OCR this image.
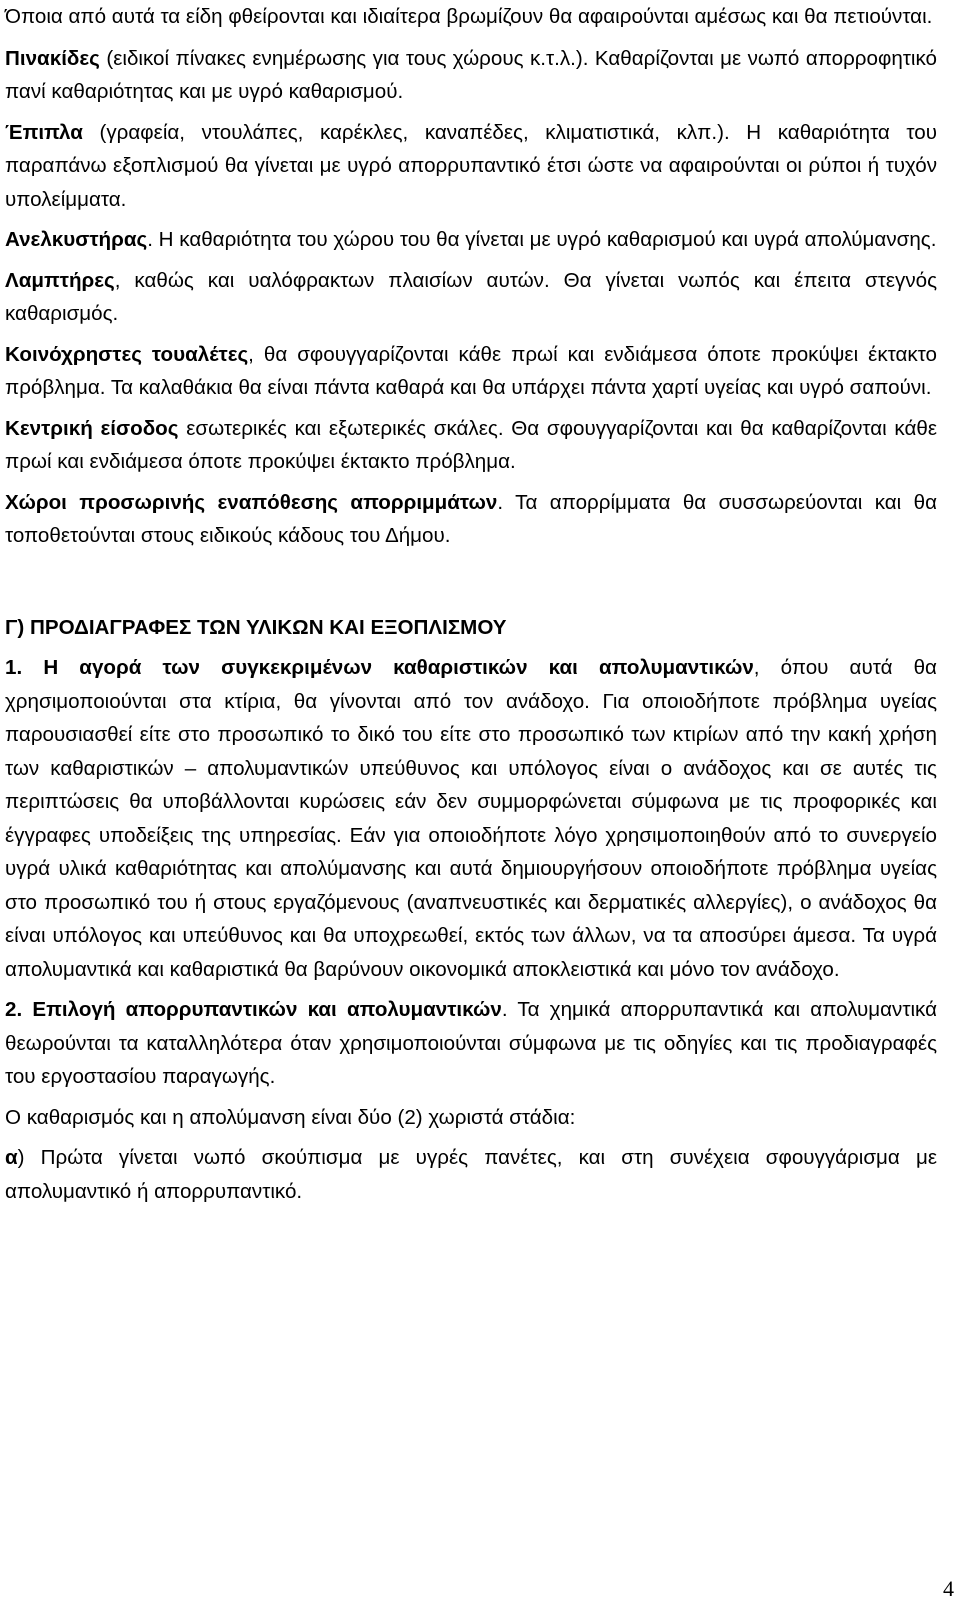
Όποια από αυτά τα είδη φθείρονται και ιδιαίτερα βρωμίζουν θα αφαιρούνται αμέσως και θα πετιούνται.

Πινακίδες (ειδικοί πίνακες ενημέρωσης για τους χώρους κ.τ.λ.). Καθαρίζονται με νωπό απορροφητικό πανί καθαριότητας και με υγρό καθαρισμού.

Έπιπλα (γραφεία, ντουλάπες, καρέκλες, καναπέδες, κλιματιστικά, κλπ.). Η καθαριότητα του παραπάνω εξοπλισμού θα γίνεται με υγρό απορρυπαντικό έτσι ώστε να αφαιρούνται οι ρύποι ή τυχόν υπολείμματα.

Ανελκυστήρας. Η καθαριότητα του χώρου του θα γίνεται με υγρό καθαρισμού και υγρά απολύμανσης.

Λαμπτήρες, καθώς και υαλόφρακτων πλαισίων αυτών. Θα γίνεται νωπός και έπειτα στεγνός καθαρισμός.

Κοινόχρηστες τουαλέτες, θα σφουγγαρίζονται κάθε πρωί και ενδιάμεσα όποτε προκύψει έκτακτο πρόβλημα. Τα καλαθάκια θα είναι πάντα καθαρά και θα υπάρχει πάντα χαρτί υγείας και υγρό σαπούνι.

Κεντρική είσοδος εσωτερικές και εξωτερικές σκάλες. Θα σφουγγαρίζονται και θα καθαρίζονται κάθε πρωί και ενδιάμεσα όποτε προκύψει έκτακτο πρόβλημα.

Χώροι προσωρινής εναπόθεσης απορριμμάτων. Τα απορρίμματα θα συσσωρεύονται και θα τοποθετούνται στους ειδικούς κάδους του Δήμου.

Γ) ΠΡΟΔΙΑΓΡΑΦΕΣ ΤΩΝ ΥΛΙΚΩΝ ΚΑΙ ΕΞΟΠΛΙΣΜΟΥ

1. Η αγορά των συγκεκριμένων καθαριστικών και απολυμαντικών, όπου αυτά θα χρησιμοποιούνται στα κτίρια, θα γίνονται από τον ανάδοχο. Για οποιοδήποτε πρόβλημα υγείας παρουσιασθεί είτε στο προσωπικό το δικό του είτε στο προσωπικό των κτιρίων από την κακή χρήση των καθαριστικών – απολυμαντικών υπεύθυνος και υπόλογος είναι ο ανάδοχος και σε αυτές τις περιπτώσεις θα υποβάλλονται κυρώσεις εάν δεν συμμορφώνεται σύμφωνα με τις προφορικές και έγγραφες υποδείξεις της υπηρεσίας. Εάν για οποιοδήποτε λόγο χρησιμοποιηθούν από το συνεργείο υγρά υλικά καθαριότητας και απολύμανσης και αυτά δημιουργήσουν οποιοδήποτε πρόβλημα υγείας στο προσωπικό του ή στους εργαζόμενους (αναπνευστικές και δερματικές αλλεργίες), ο ανάδοχος θα είναι υπόλογος και υπεύθυνος και θα υποχρεωθεί, εκτός των άλλων, να τα αποσύρει άμεσα. Τα υγρά απολυμαντικά και καθαριστικά θα βαρύνουν οικονομικά αποκλειστικά και μόνο τον ανάδοχο.

2. Επιλογή απορρυπαντικών και απολυμαντικών. Τα χημικά απορρυπαντικά και απολυμαντικά θεωρούνται τα καταλληλότερα όταν χρησιμοποιούνται σύμφωνα με τις οδηγίες και τις προδιαγραφές του εργοστασίου παραγωγής.

Ο καθαρισμός και η απολύμανση είναι δύο (2) χωριστά στάδια:

α) Πρώτα γίνεται νωπό σκούπισμα με υγρές πανέτες, και στη συνέχεια σφουγγάρισμα με απολυμαντικό ή απορρυπαντικό.

4
